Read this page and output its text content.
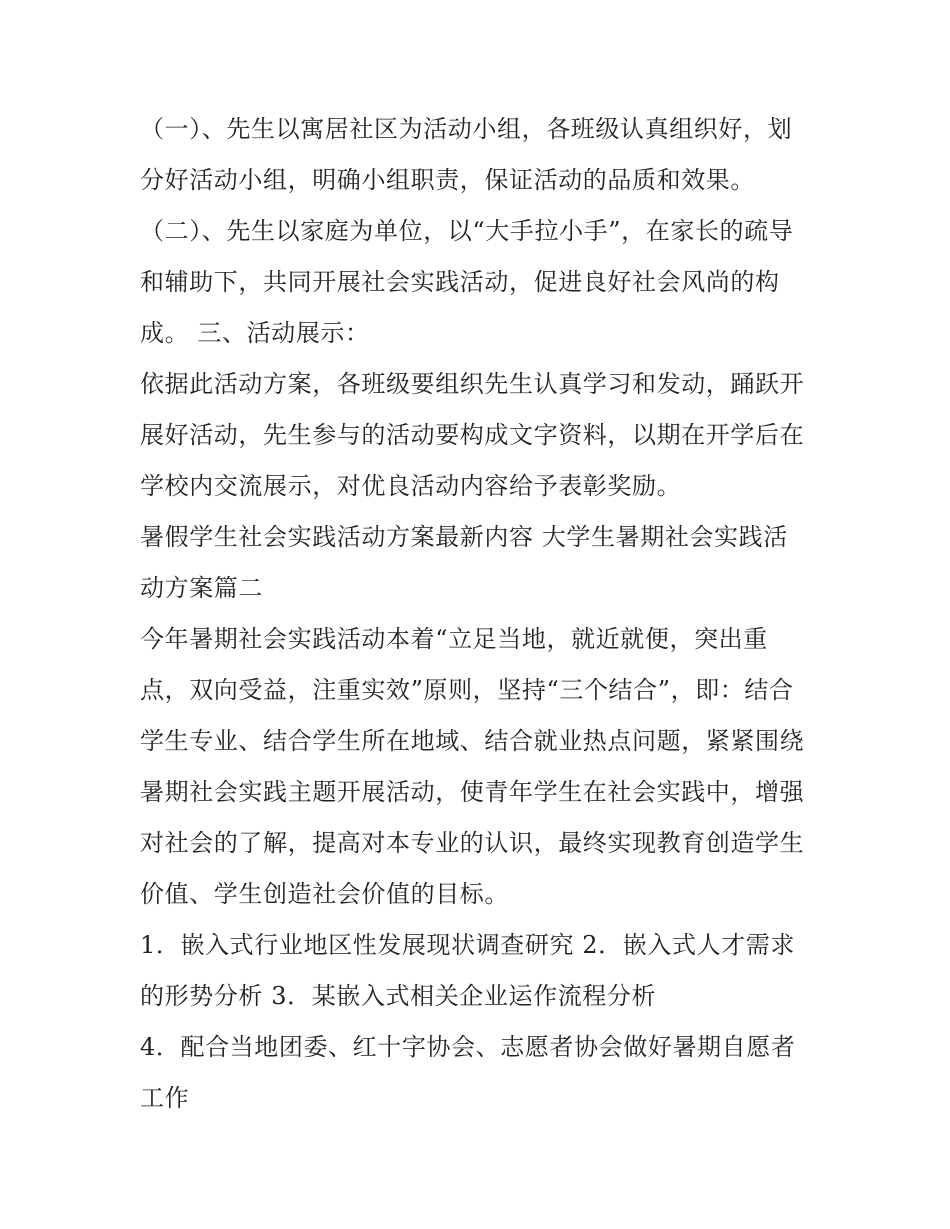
（一）、先生以寓居社区为活动小组，各班级认真组织好，划
分好活动小组，明确小组职责，保证活动的品质和效果。
（二）、先生以家庭为单位，以“大手拉小手”，在家长的疏导
和辅助下，共同开展社会实践活动，促进良好社会风尚的构
成。 三、活动展示：
依据此活动方案，各班级要组织先生认真学习和发动，踊跃开
展好活动，先生参与的活动要构成文字资料，以期在开学后在
学校内交流展示，对优良活动内容给予表彰奖励。
暑假学生社会实践活动方案最新内容 大学生暑期社会实践活
动方案篇二
今年暑期社会实践活动本着“立足当地，就近就便，突出重
点，双向受益，注重实效”原则，坚持“三个结合”，即：结合
学生专业、结合学生所在地域、结合就业热点问题，紧紧围绕
暑期社会实践主题开展活动，使青年学生在社会实践中，增强
对社会的了解，提高对本专业的认识，最终实现教育创造学生
价值、学生创造社会价值的目标。
1．嵌入式行业地区性发展现状调查研究 2．嵌入式人才需求
的形势分析 3．某嵌入式相关企业运作流程分析
4．配合当地团委、红十字协会、志愿者协会做好暑期自愿者
工作
